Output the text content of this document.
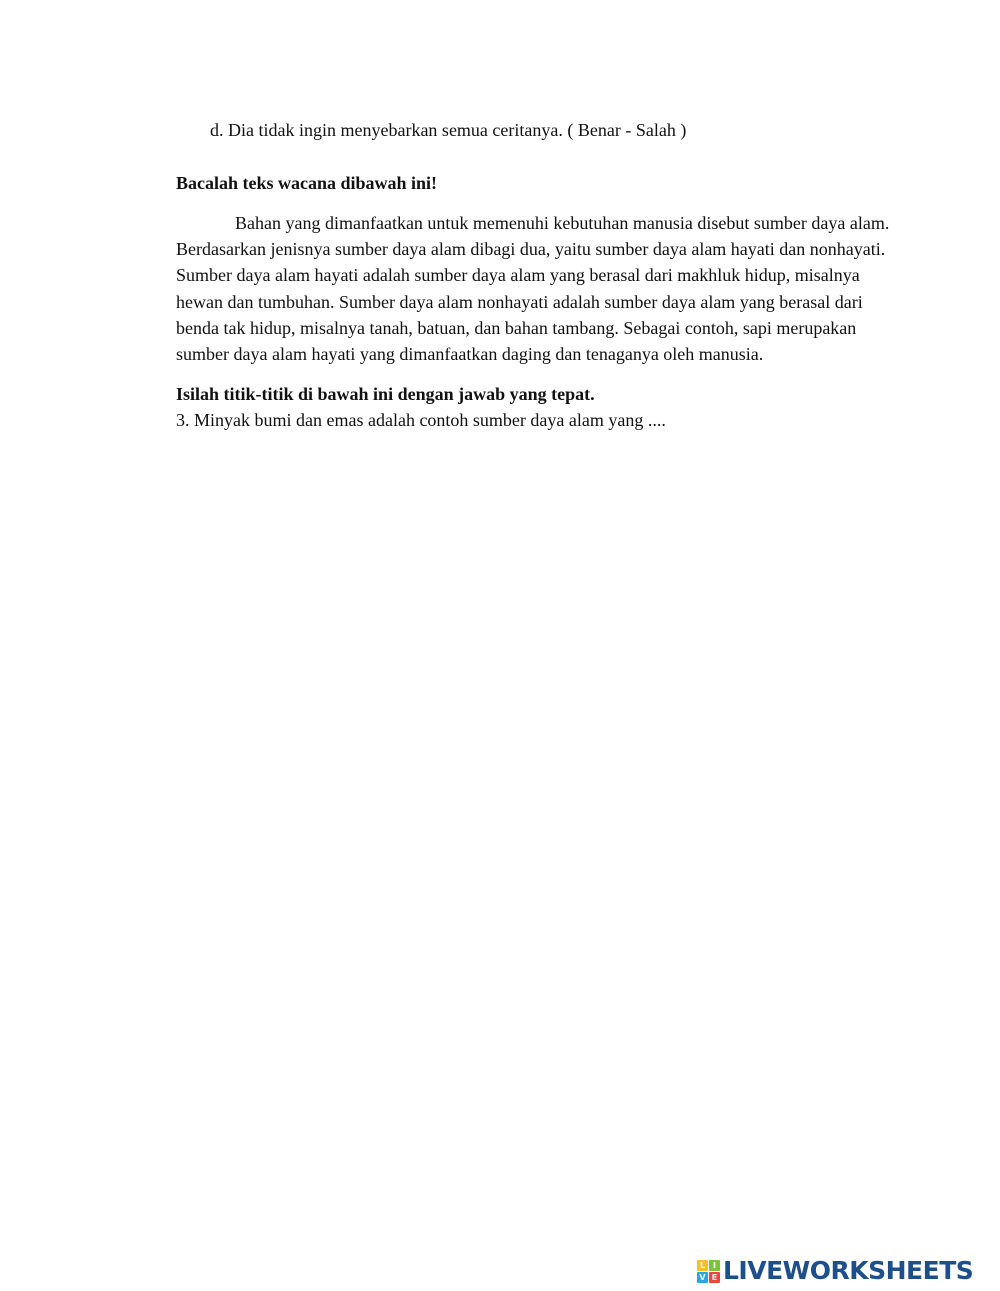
d. Dia tidak ingin menyebarkan semua ceritanya. ( Benar - Salah )
Bacalah teks wacana dibawah ini!
Bahan yang dimanfaatkan untuk memenuhi kebutuhan manusia disebut sumber daya alam.
Berdasarkan jenisnya sumber daya alam dibagi dua, yaitu sumber daya alam hayati dan nonhayati.
Sumber daya alam hayati adalah sumber daya alam yang berasal dari makhluk hidup, misalnya
hewan dan tumbuhan. Sumber daya alam nonhayati adalah sumber daya alam yang berasal dari
benda tak hidup, misalnya tanah, batuan, dan bahan tambang. Sebagai contoh, sapi merupakan
sumber daya alam hayati yang dimanfaatkan daging dan tenaganya oleh manusia.
Isilah titik-titik di bawah ini dengan jawab yang tepat.
3. Minyak bumi dan emas adalah contoh sumber daya alam yang ....
L I
V E LIVEWORKSHEETS
